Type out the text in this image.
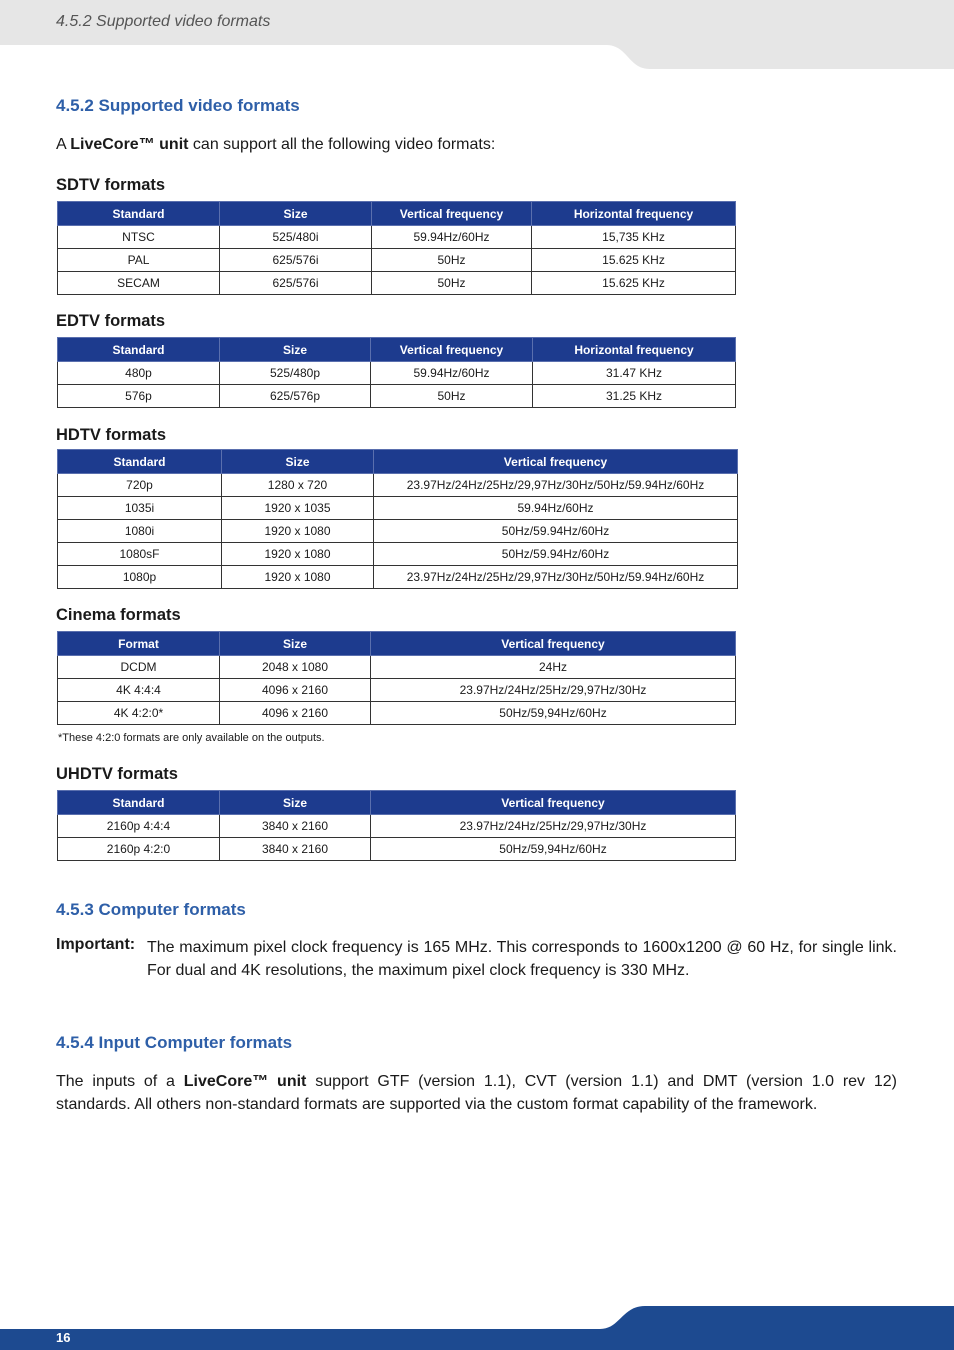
4.5.2 Supported video formats
4.5.2 Supported video formats
A LiveCore™ unit can support all the following video formats:
SDTV formats
Standard	Size	Vertical frequency	Horizontal frequency
NTSC	525/480i	59.94Hz/60Hz	15,735 KHz
PAL	625/576i	50Hz	15.625 KHz
SECAM	625/576i	50Hz	15.625 KHz
EDTV formats
Standard	Size	Vertical frequency	Horizontal frequency
480p	525/480p	59.94Hz/60Hz	31.47 KHz
576p	625/576p	50Hz	31.25 KHz
HDTV formats
Standard	Size	Vertical frequency
720p	1280 x 720	23.97Hz/24Hz/25Hz/29,97Hz/30Hz/50Hz/59.94Hz/60Hz
1035i	1920 x 1035	59.94Hz/60Hz
1080i	1920 x 1080	50Hz/59.94Hz/60Hz
1080sF	1920 x 1080	50Hz/59.94Hz/60Hz
1080p	1920 x 1080	23.97Hz/24Hz/25Hz/29,97Hz/30Hz/50Hz/59.94Hz/60Hz
Cinema formats
Format	Size	Vertical frequency
DCDM	2048 x 1080	24Hz
4K 4:4:4	4096 x 2160	23.97Hz/24Hz/25Hz/29,97Hz/30Hz
4K 4:2:0*	4096 x 2160	50Hz/59,94Hz/60Hz
*These 4:2:0 formats are only available on the outputs.
UHDTV formats
Standard	Size	Vertical frequency
2160p 4:4:4	3840 x 2160	23.97Hz/24Hz/25Hz/29,97Hz/30Hz
2160p 4:2:0	3840 x 2160	50Hz/59,94Hz/60Hz
4.5.3 Computer formats
Important: The maximum pixel clock frequency is 165 MHz. This corresponds to 1600x1200 @ 60 Hz, for single link. For dual and 4K resolutions, the maximum pixel clock frequency is 330 MHz.
4.5.4 Input Computer formats
The inputs of a LiveCore™ unit support GTF (version 1.1), CVT (version 1.1) and DMT (version 1.0 rev 12) standards. All others non-standard formats are supported via the custom format capability of the framework.
16
